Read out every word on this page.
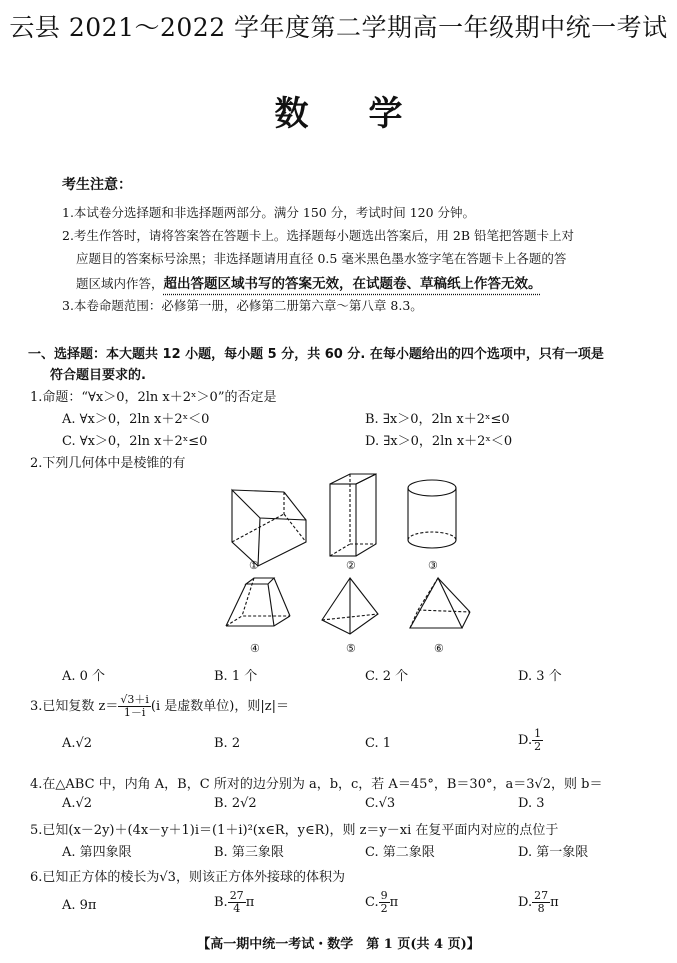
云县 2021～2022 学年度第二学期高一年级期中统一考试
数学
考生注意：
1.本试卷分选择题和非选择题两部分。满分 150 分，考试时间 120 分钟。
2.考生作答时，请将答案答在答题卡上。选择题每小题选出答案后，用 2B 铅笔把答题卡上对
应题目的答案标号涂黑；非选择题请用直径 0.5 毫米黑色墨水签字笔在答题卡上各题的答
题区域内作答，超出答题区域书写的答案无效，在试题卷、草稿纸上作答无效。
3.本卷命题范围：必修第一册，必修第二册第六章～第八章 8.3。
一、选择题：本大题共 12 小题，每小题 5 分，共 60 分. 在每小题给出的四个选项中，只有一项是
符合题目要求的.
1.命题：“∀x＞0，2ln x＋2ˣ＞0”的否定是
A. ∀x＞0，2ln x＋2ˣ＜0	B. ∃x＞0，2ln x＋2ˣ≤0
C. ∀x＞0，2ln x＋2ˣ≤0	D. ∃x＞0，2ln x＋2ˣ＜0
2.下列几何体中是棱锥的有
①	②	③
④	⑤	⑥
A. 0 个	B. 1 个	C. 2 个	D. 3 个
3.已知复数 $z= \frac{√3+i}{1-i} (i$ 是虚数单位)，则|z|＝
A.√2	B. 2	C. 1	D. $\frac{1}{2}$
4.在△ABC 中，内角 A，B，C 所对的边分别为 a，b，c，若 A＝45°，B＝30°，a＝3√2，则 b＝
A.√2	B. 2√2	C.√3	D. 3
5.已知(x－2y)＋(4x－y＋1)i＝(1＋i)²(x∈R，y∈R)，则 z＝y－xi 在复平面内对应的点位于
A. 第四象限	B. 第三象限	C. 第二象限	D. 第一象限
6.已知正方体的棱长为√3，则该正方体外接球的体积为
A. 9π	B. $\frac{27}{4}$ π	C. $\frac{9}{2}$ π	D. $\frac{27}{8}$ π
【高一期中统一考试・数学　第 1 页(共 4 页)】
